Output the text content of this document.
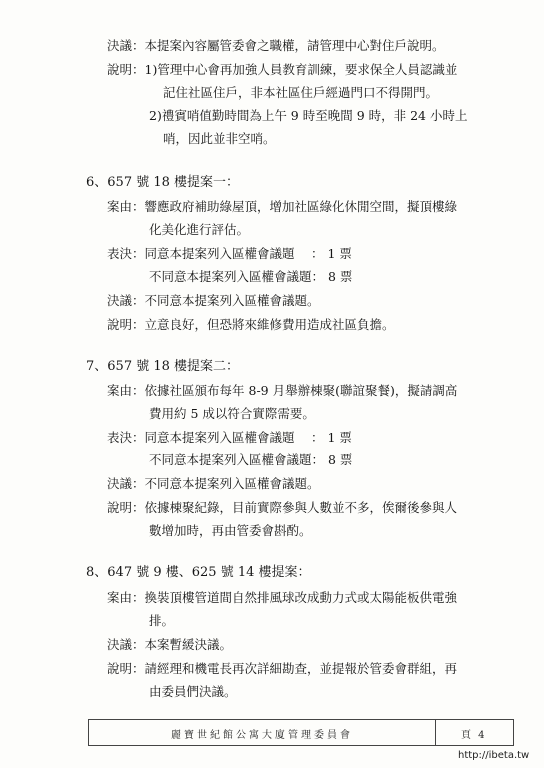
決議：本提案內容屬管委會之職權，請管理中心對住戶說明。
說明：1)管理中心會再加強人員教育訓練，要求保全人員認識並
記住社區住戶，非本社區住戶經過門口不得開門。
2)禮賓哨值勤時間為上午 9 時至晚間 9 時，非 24 小時上
哨，因此並非空哨。
6、657 號 18 樓提案一：
案由：響應政府補助綠屋頂，增加社區綠化休閒空間，擬頂樓綠
化美化進行評估。
表決：同意本提案列入區權會議題　 ： 1 票
不同意本提案列入區權會議題： 8 票
決議：不同意本提案列入區權會議題。
說明：立意良好，但恐將來維修費用造成社區負擔。
7、657 號 18 樓提案二：
案由：依據社區頒布每年 8-9 月舉辦棟聚(聯誼聚餐)，擬請調高
費用約 5 成以符合實際需要。
表決：同意本提案列入區權會議題　 ： 1 票
不同意本提案列入區權會議題： 8 票
決議：不同意本提案列入區權會議題。
說明：依據棟聚紀錄，目前實際參與人數並不多，俟爾後參與人
數增加時，再由管委會斟酌。
8、647 號 9 樓、625 號 14 樓提案：
案由：換裝頂樓管道間自然排風球改成動力式或太陽能板供電強
排。
決議：本案暫緩決議。
說明：請經理和機電長再次詳細勘查，並提報於管委會群組，再
由委員們決議。
麗寶世紀館公寓大廈管理委員會	頁 4
http://ibeta.tw
